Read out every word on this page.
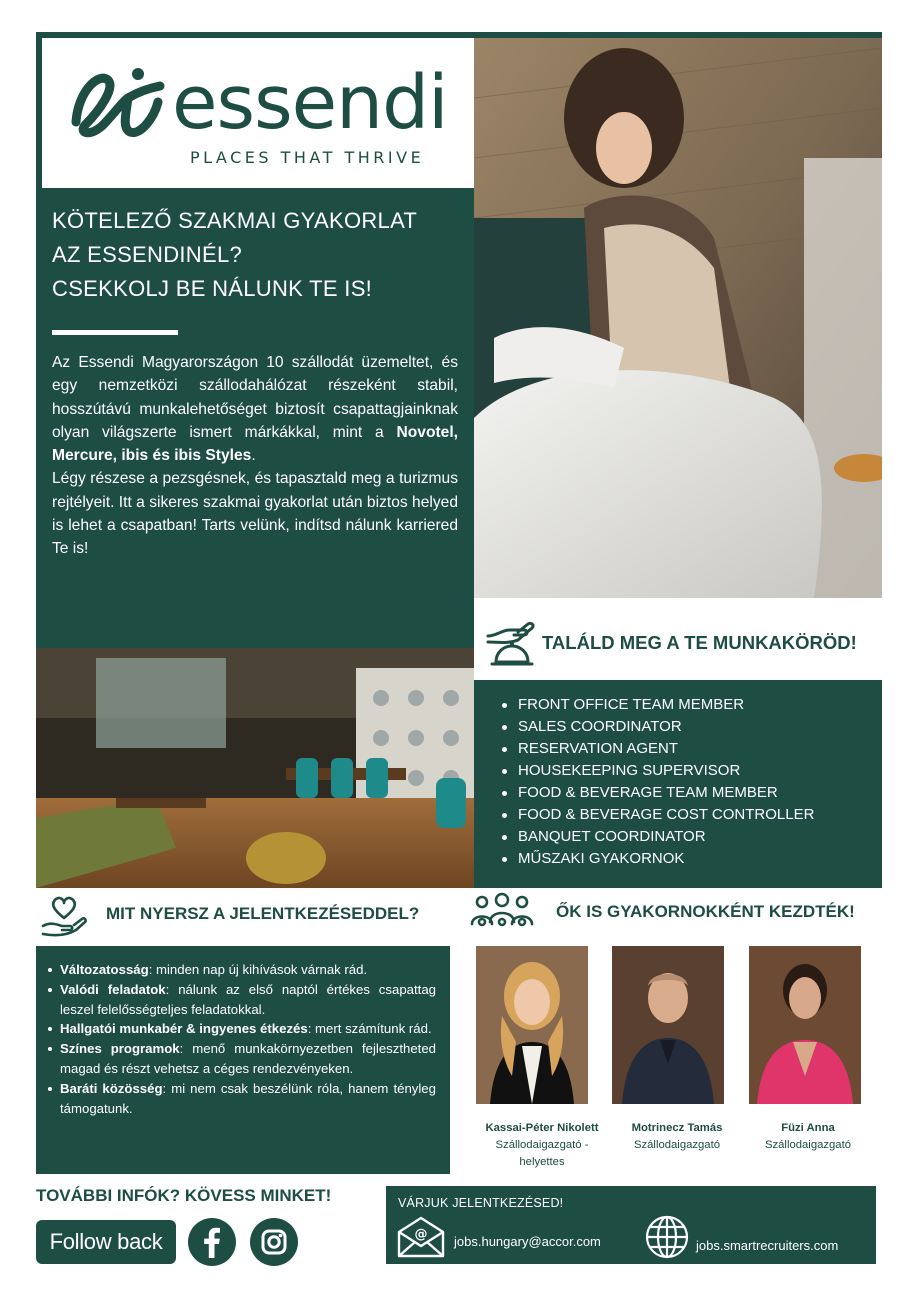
essendi
PLACES THAT THRIVE
KÖTELEZŐ SZAKMAI GYAKORLAT
AZ ESSENDINÉL?
CSEKKOLJ BE NÁLUNK TE IS!

Az Essendi Magyarországon 10 szállodát üzemeltet, és egy nemzetközi szállodahálózat részeként stabil, hosszútávú munkalehetőséget biztosít csapattagjainknak olyan világszerte ismert márkákkal, mint a Novotel, Mercure, ibis és ibis Styles.

Légy részese a pezsgésnek, és tapasztald meg a turizmus rejtélyeit. Itt a sikeres szakmai gyakorlat után biztos helyed is lehet a csapatban! Tarts velünk, indítsd nálunk karriered Te is!

TALÁLD MEG A TE MUNKAKÖRÖD!
FRONT OFFICE TEAM MEMBER
SALES COORDINATOR
RESERVATION AGENT
HOUSEKEEPING SUPERVISOR
FOOD & BEVERAGE TEAM MEMBER
FOOD & BEVERAGE COST CONTROLLER
BANQUET COORDINATOR
MŰSZAKI GYAKORNOK
MIT NYERSZ A JELENTKEZÉSEDDEL?
Változatosság: minden nap új kihívások várnak rád.
Valódi feladatok: nálunk az első naptól értékes csapattag leszel felelősségteljes feladatokkal.
Hallgatói munkabér & ingyenes étkezés: mert számítunk rád.
Színes programok: menő munkakörnyezetben fejlesztheted magad és részt vehetsz a céges rendezvényeken.
Baráti közösség: mi nem csak beszélünk róla, hanem tényleg támogatunk.
ŐK IS GYAKORNOKKÉNT KEZDTÉK!
Kassai-Péter Nikolett
Szállodaigazgató - helyettes
Motrinecz Tamás
Szállodaigazgató
Füzi Anna
Szállodaigazgató
TOVÁBBI INFÓK? KÖVESS MINKET!
Follow back
VÁRJUK JELENTKEZÉSED!
@ jobs.hungary@accor.com	jobs.smartrecruiters.com
